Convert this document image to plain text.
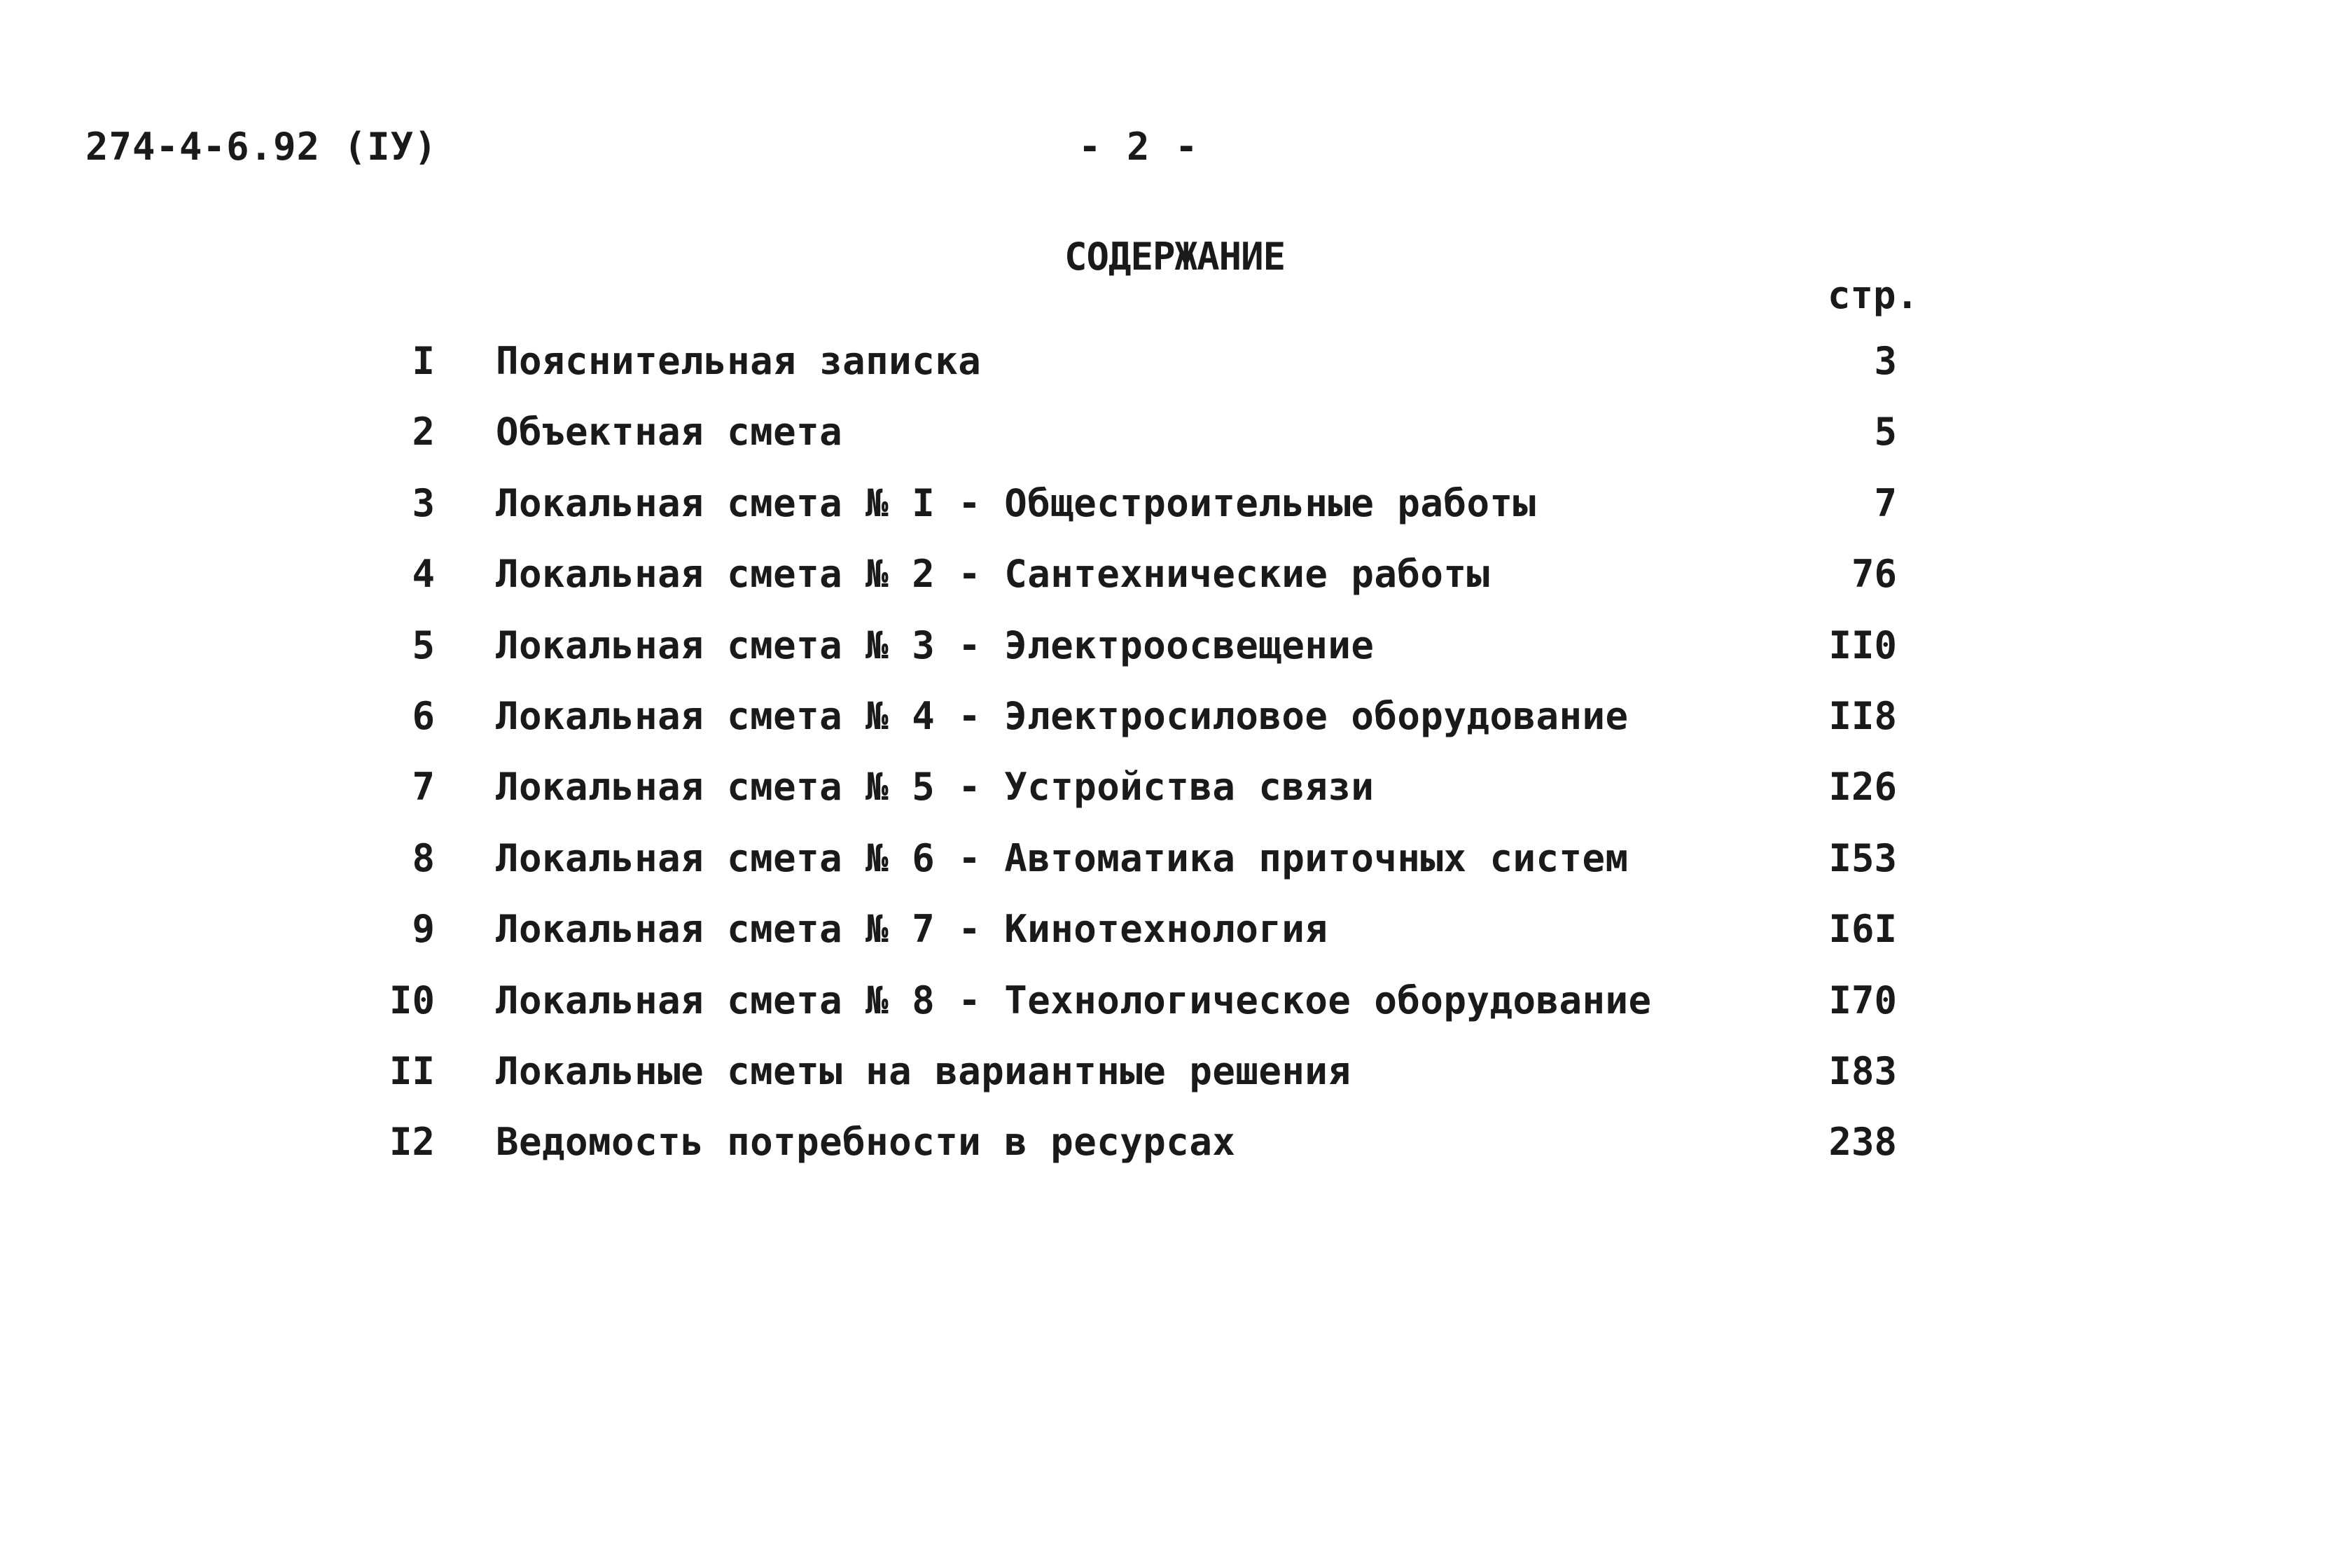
274-4-6.92 (IУ)	- 2 -
СОДЕРЖАНИЕ
стр.
I Пояснительная записка	3
2 Объектная смета	5
3 Локальная смета № I - Общестроительные работы	7
4 Локальная смета № 2 - Сантехнические работы	76
5 Локальная смета № 3 - Электроосвещение	II0
6 Локальная смета № 4 - Электросиловое оборудование	II8
7 Локальная смета № 5 - Устройства связи	I26
8 Локальная смета № 6 - Автоматика приточных систем	I53
9 Локальная смета № 7 - Кинотехнология	I6I
I0 Локальная смета № 8 - Технологическое оборудование	I70
II Локальные сметы на вариантные решения	I83
I2 Ведомость потребности в ресурсах	238
